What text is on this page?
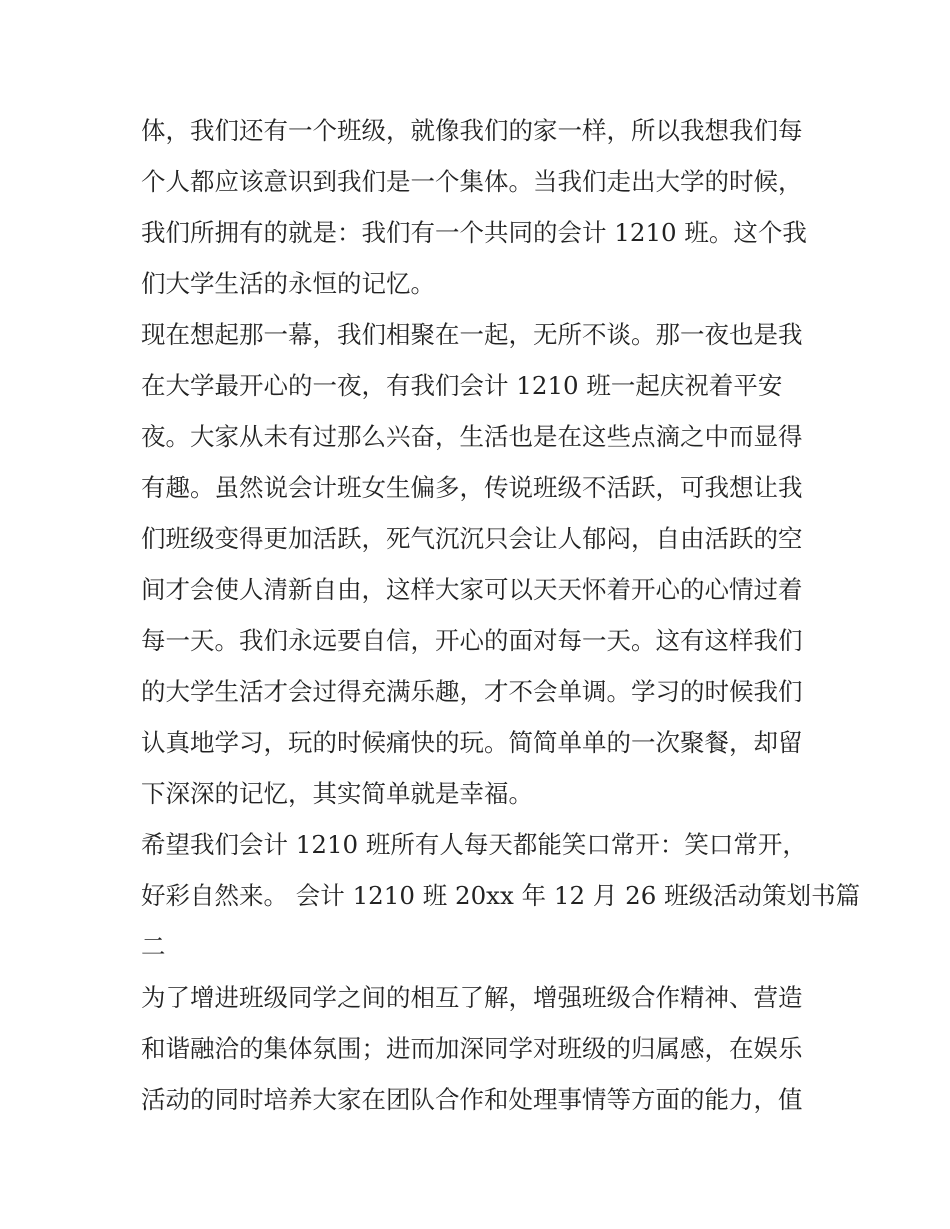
体，我们还有一个班级，就像我们的家一样，所以我想我们每
个人都应该意识到我们是一个集体。当我们走出大学的时候，
我们所拥有的就是：我们有一个共同的会计 1210 班。这个我
们大学生活的永恒的记忆。
现在想起那一幕，我们相聚在一起，无所不谈。那一夜也是我
在大学最开心的一夜，有我们会计 1210 班一起庆祝着平安
夜。大家从未有过那么兴奋，生活也是在这些点滴之中而显得
有趣。虽然说会计班女生偏多，传说班级不活跃，可我想让我
们班级变得更加活跃，死气沉沉只会让人郁闷，自由活跃的空
间才会使人清新自由，这样大家可以天天怀着开心的心情过着
每一天。我们永远要自信，开心的面对每一天。这有这样我们
的大学生活才会过得充满乐趣，才不会单调。学习的时候我们
认真地学习，玩的时候痛快的玩。简简单单的一次聚餐，却留
下深深的记忆，其实简单就是幸福。
希望我们会计 1210 班所有人每天都能笑口常开：笑口常开，
好彩自然来。 会计 1210 班 20xx 年 12 月 26 班级活动策划书篇
二
为了增进班级同学之间的相互了解，增强班级合作精神、营造
和谐融洽的集体氛围；进而加深同学对班级的归属感，在娱乐
活动的同时培养大家在团队合作和处理事情等方面的能力，值
